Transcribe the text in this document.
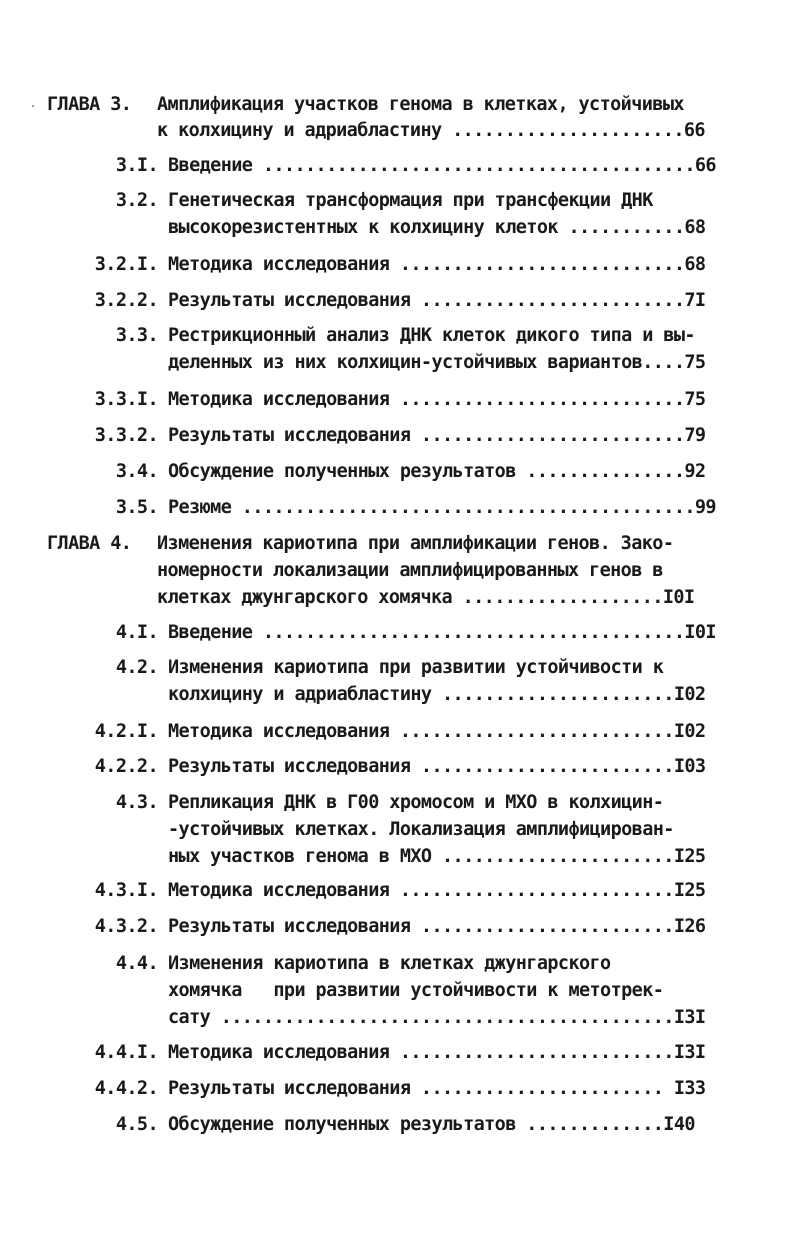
ГЛАВА 3.	Амплификация участков генома в клетках, устойчивых
к колхицину и адриабластину ......................66
3.I. Введение .........................................66
3.2. Генетическая трансформация при трансфекции ДНК
высокорезистентных к колхицину клеток ...........68
3.2.I. Методика исследования ...........................68
3.2.2. Результаты исследования .........................7I
3.3. Рестрикционный анализ ДНК клеток дикого типа и вы-
деленных из них колхицин-устойчивых вариантов....75
3.3.I. Методика исследования ...........................75
3.3.2. Результаты исследования .........................79
3.4. Обсуждение полученных результатов ...............92
3.5. Резюме ...........................................99
ГЛАВА 4.	Изменения кариотипа при амплификации генов. Зако-
номерности локализации амплифицированных генов в
клетках джунгарского хомячка ...................I0I
4.I. Введение ........................................I0I
4.2. Изменения кариотипа при развитии устойчивости к
колхицину и адриабластину ......................I02
4.2.I. Методика исследования ..........................I02
4.2.2. Результаты исследования ........................I03
4.3. Репликация ДНК в Г00 хромосом и МХО в колхицин-
-устойчивых клетках. Локализация амплифицирован-
ных участков генома в МХО ......................I25
4.3.I. Методика исследования ..........................I25
4.3.2. Результаты исследования ........................I26
4.4. Изменения кариотипа в клетках джунгарского
хомячка   при развитии устойчивости к метотрек-
сату ...........................................I3I
4.4.I. Методика исследования ..........................I3I
4.4.2. Результаты исследования ....................... I33
4.5. Обсуждение полученных результатов .............I40
